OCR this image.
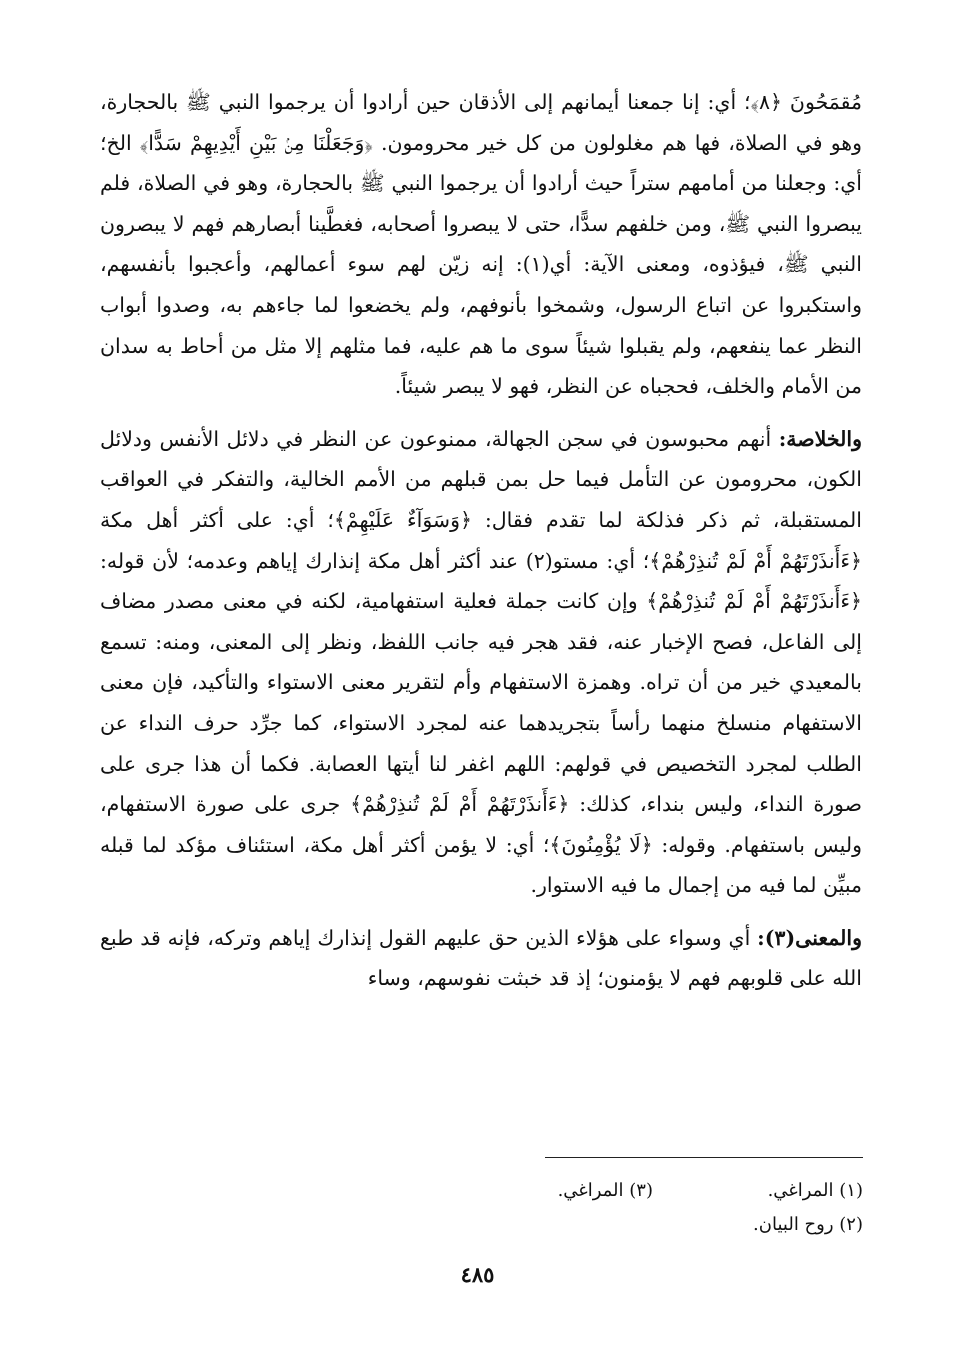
مُقمَحُونَ ﴿٨﴾؛ أي: إنا جمعنا أيمانهم إلى الأذقان حين أرادوا أن يرجموا النبي ﷺ بالحجارة، وهو في الصلاة، فها هم مغلولون من كل خير محرومون. ﴿وَجَعَلْنَا مِنۢ بَيْنِ أَيْدِيهِمْ سَدًّا﴾ الخ؛ أي: وجعلنا من أمامهم ستراً حيث أرادوا أن يرجموا النبي ﷺ بالحجارة، وهو في الصلاة، فلم يبصروا النبي ﷺ، ومن خلفهم سدًّا، حتى لا يبصروا أصحابه، فغطَّينا أبصارهم فهم لا يبصرون النبي ﷺ، فيؤذوه، ومعنى الآية: أي(١): إنه زيّن لهم سوء أعمالهم، وأعجبوا بأنفسهم، واستكبروا عن اتباع الرسول، وشمخوا بأنوفهم، ولم يخضعوا لما جاءهم به، وصدوا أبواب النظر عما ينفعهم، ولم يقبلوا شيئاً سوى ما هم عليه، فما مثلهم إلا مثل من أحاط به سدان من الأمام والخلف، فحجباه عن النظر، فهو لا يبصر شيئاً.

والخلاصة: أنهم محبوسون في سجن الجهالة، ممنوعون عن النظر في دلائل الأنفس ودلائل الكون، محرومون عن التأمل فيما حل بمن قبلهم من الأمم الخالية، والتفكر في العواقب المستقبلة، ثم ذكر فذلكة لما تقدم فقال: ﴿وَسَوَآءٌ عَلَيْهِمْ﴾؛ أي: على أكثر أهل مكة ﴿ءَأَنذَرْتَهُمْ أَمْ لَمْ تُنذِرْهُمْ﴾؛ أي: مستو(٢) عند أكثر أهل مكة إنذارك إياهم وعدمه؛ لأن قوله: ﴿ءَأَنذَرْتَهُمْ أَمْ لَمْ تُنذِرْهُمْ﴾ وإن كانت جملة فعلية استفهامية، لكنه في معنى مصدر مضاف إلى الفاعل، فصح الإخبار عنه، فقد هجر فيه جانب اللفظ، ونظر إلى المعنى، ومنه: تسمع بالمعيدي خير من أن تراه. وهمزة الاستفهام وأم لتقرير معنى الاستواء والتأكيد، فإن معنى الاستفهام منسلخ منهما رأساً بتجريدهما عنه لمجرد الاستواء، كما جرِّد حرف النداء عن الطلب لمجرد التخصيص في قولهم: اللهم اغفر لنا أيتها العصابة. فكما أن هذا جرى على صورة النداء، وليس بنداء، كذلك: ﴿ءَأَنذَرْتَهُمْ أَمْ لَمْ تُنذِرْهُمْ﴾ جرى على صورة الاستفهام، وليس باستفهام. وقوله: ﴿لَا يُؤْمِنُونَ﴾؛ أي: لا يؤمن أكثر أهل مكة، استئناف مؤكد لما قبله مبيِّن لما فيه من إجمال ما فيه الاستوار.

والمعنى(٣): أي وسواء على هؤلاء الذين حق عليهم القول إنذارك إياهم وتركه، فإنه قد طبع الله على قلوبهم فهم لا يؤمنون؛ إذ قد خبثت نفوسهم، وساء

(١) المراغي.
(٣) المراغي.
(٢) روح البيان.
٤٨٥
